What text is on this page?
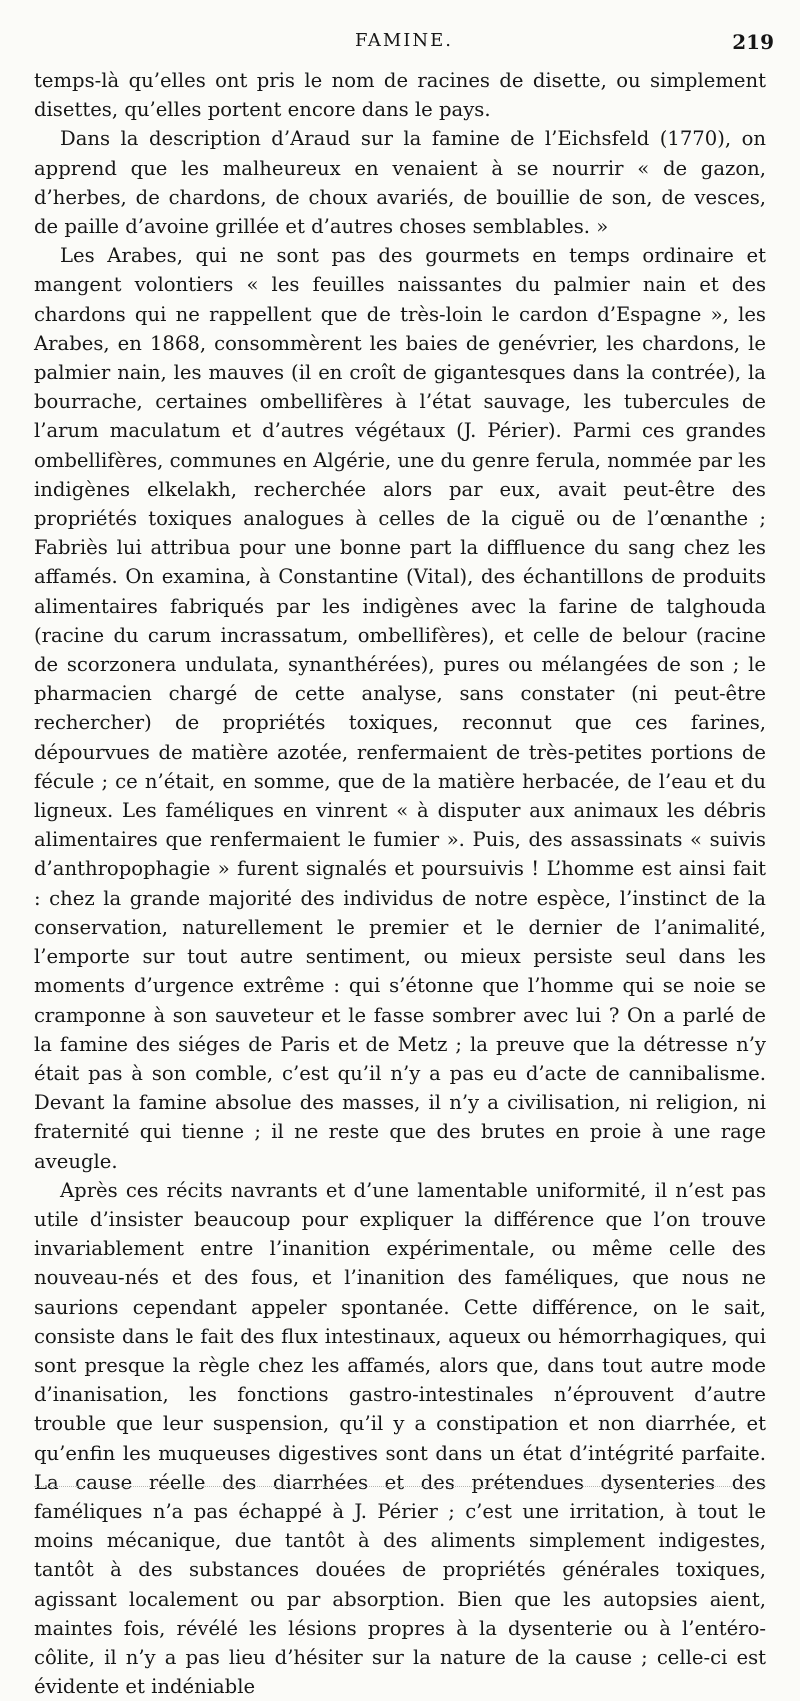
FAMINE.	219

temps-là qu’elles ont pris le nom de racines de disette, ou simplement disettes, qu’elles portent encore dans le pays.

Dans la description d’Araud sur la famine de l’Eichsfeld (1770), on apprend que les malheureux en venaient à se nourrir « de gazon, d’herbes, de chardons, de choux avariés, de bouillie de son, de vesces, de paille d’avoine grillée et d’autres choses semblables. »

Les Arabes, qui ne sont pas des gourmets en temps ordinaire et mangent volontiers « les feuilles naissantes du palmier nain et des chardons qui ne rappellent que de très-loin le cardon d’Espagne », les Arabes, en 1868, consommèrent les baies de genévrier, les chardons, le palmier nain, les mauves (il en croît de gigantesques dans la contrée), la bourrache, certaines ombellifères à l’état sauvage, les tubercules de l’arum maculatum et d’autres végétaux (J. Périer). Parmi ces grandes ombellifères, communes en Algérie, une du genre ferula, nommée par les indigènes elkelakh, recherchée alors par eux, avait peut-être des propriétés toxiques analogues à celles de la ciguë ou de l’œnanthe ; Fabriès lui attribua pour une bonne part la diffluence du sang chez les affamés. On examina, à Constantine (Vital), des échantillons de produits alimentaires fabriqués par les indigènes avec la farine de talghouda (racine du carum incrassatum, ombellifères), et celle de belour (racine de scorzonera undulata, synanthérées), pures ou mélangées de son ; le pharmacien chargé de cette analyse, sans constater (ni peut-être rechercher) de propriétés toxiques, reconnut que ces farines, dépourvues de matière azotée, renfermaient de très-petites portions de fécule ; ce n’était, en somme, que de la matière herbacée, de l’eau et du ligneux. Les faméliques en vinrent « à disputer aux animaux les débris alimentaires que renfermaient le fumier ». Puis, des assassinats « suivis d’anthropophagie » furent signalés et poursuivis ! L’homme est ainsi fait : chez la grande majorité des individus de notre espèce, l’instinct de la conservation, naturellement le premier et le dernier de l’animalité, l’emporte sur tout autre sentiment, ou mieux persiste seul dans les moments d’urgence extrême : qui s’étonne que l’homme qui se noie se cramponne à son sauveteur et le fasse sombrer avec lui ? On a parlé de la famine des siéges de Paris et de Metz ; la preuve que la détresse n’y était pas à son comble, c’est qu’il n’y a pas eu d’acte de cannibalisme. Devant la famine absolue des masses, il n’y a civilisation, ni religion, ni fraternité qui tienne ; il ne reste que des brutes en proie à une rage aveugle.

Après ces récits navrants et d’une lamentable uniformité, il n’est pas utile d’insister beaucoup pour expliquer la différence que l’on trouve invariablement entre l’inanition expérimentale, ou même celle des nouveau-nés et des fous, et l’inanition des faméliques, que nous ne saurions cependant appeler spontanée. Cette différence, on le sait, consiste dans le fait des flux intestinaux, aqueux ou hémorrhagiques, qui sont presque la règle chez les affamés, alors que, dans tout autre mode d’inanisation, les fonctions gastro-intestinales n’éprouvent d’autre trouble que leur suspension, qu’il y a constipation et non diarrhée, et qu’enfin les muqueuses digestives sont dans un état d’intégrité parfaite. La cause réelle des diarrhées et des prétendues dysenteries des faméliques n’a pas échappé à J. Périer ; c’est une irritation, à tout le moins mécanique, due tantôt à des aliments simplement indigestes, tantôt à des substances douées de propriétés générales toxiques, agissant localement ou par absorption. Bien que les autopsies aient, maintes fois, révélé les lésions propres à la dysenterie ou à l’entéro-côlite, il n’y a pas lieu d’hésiter sur la nature de la cause ; celle-ci est évidente et indéniable
